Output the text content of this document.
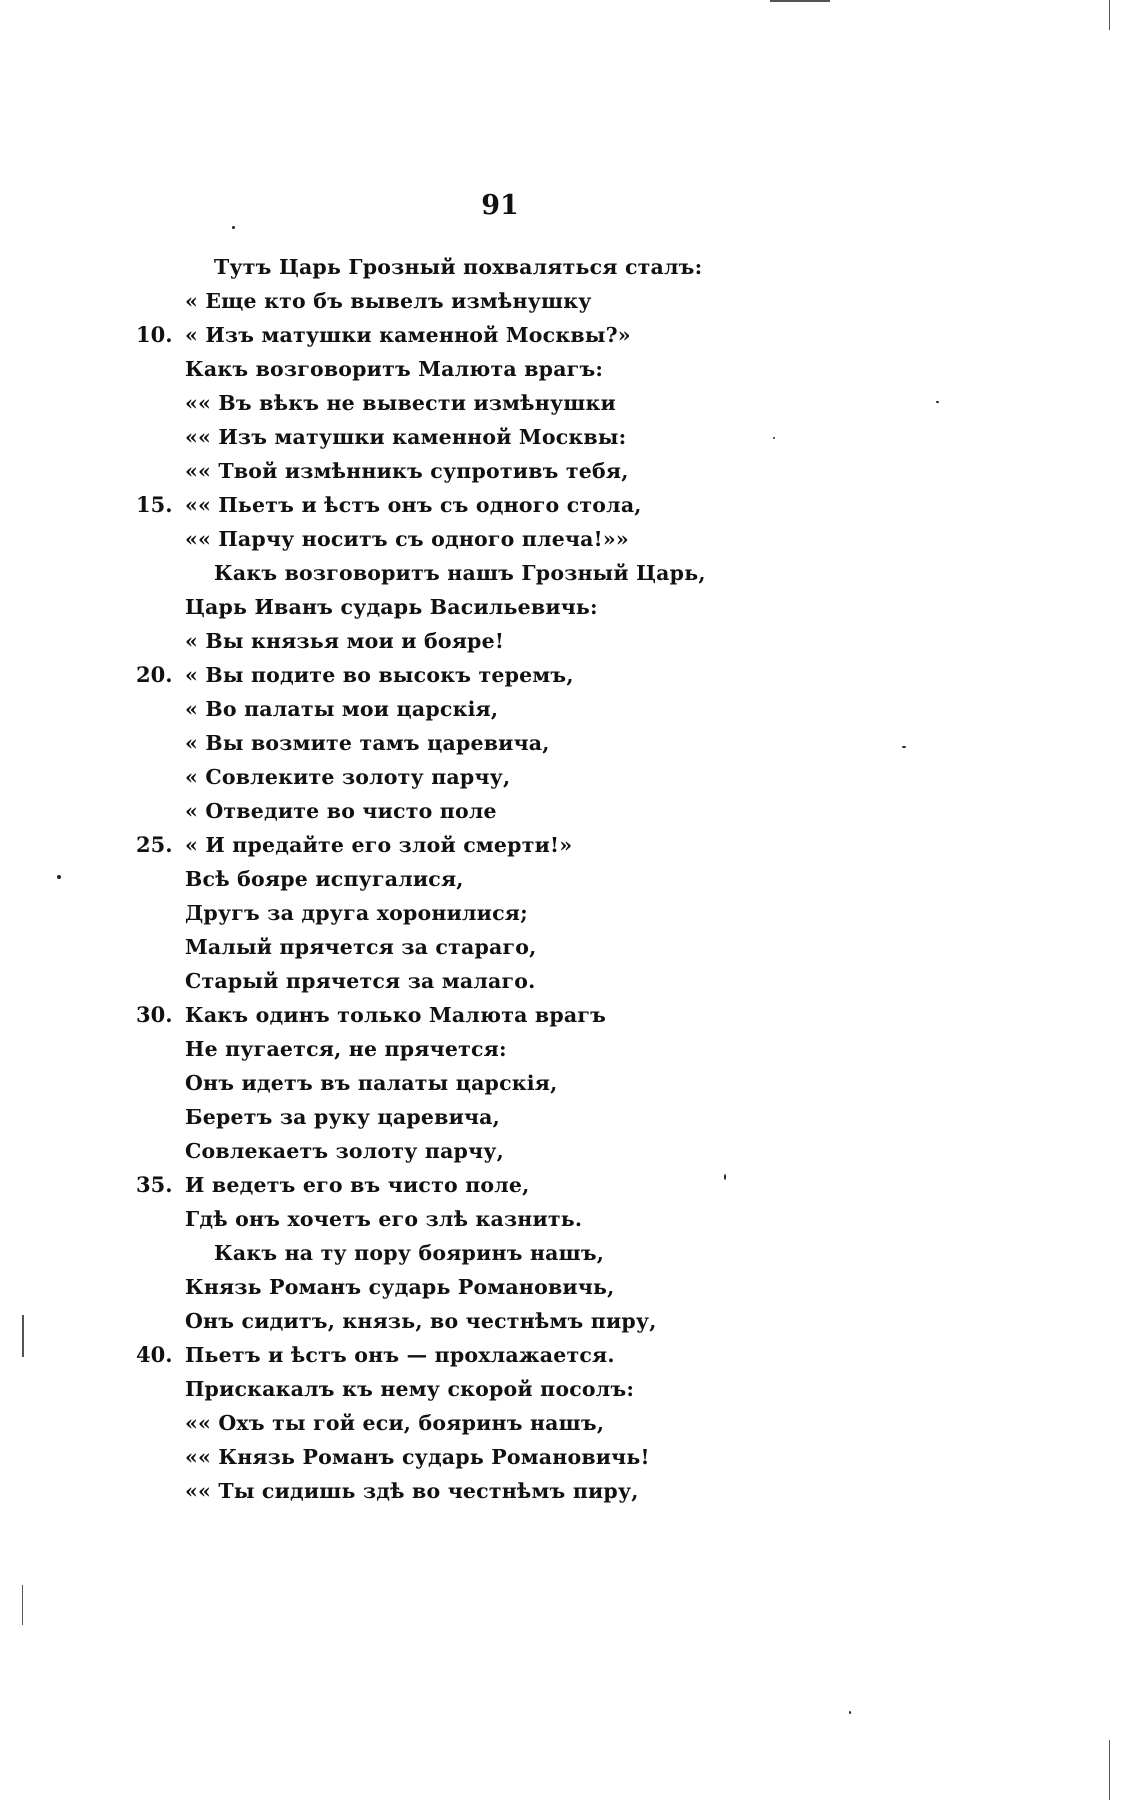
91
Тутъ Царь Грозный похваляться сталъ:
« Еще кто бъ вывелъ измѣнушку
10. « Изъ матушки каменной Москвы?»
Какъ возговоритъ Малюта врагъ:
«« Въ вѣкъ не вывести измѣнушки
«« Изъ матушки каменной Москвы:
«« Твой измѣнникъ супротивъ тебя,
15. «« Пьетъ и ѣстъ онъ съ одного стола,
«« Парчу носитъ съ одного плеча!»»
Какъ возговоритъ нашъ Грозный Царь,
Царь Иванъ сударь Васильевичь:
« Вы князья мои и бояре!
20. « Вы подите во высокъ теремъ,
« Во палаты мои царскія,
« Вы возмите тамъ царевича,
« Совлеките золоту парчу,
« Отведите во чисто поле
25. « И предайте его злой смерти!»
Всѣ бояре испугалися,
Другъ за друга хоронилися;
Малый прячется за стараго,
Старый прячется за малаго.
30. Какъ одинъ только Малюта врагъ
Не пугается, не прячется:
Онъ идетъ въ палаты царскія,
Беретъ за руку царевича,
Совлекаетъ золоту парчу,
35. И ведетъ его въ чисто поле,
Гдѣ онъ хочетъ его злѣ казнить.
Какъ на ту пору бояринъ нашъ,
Князь Романъ сударь Романовичь,
Онъ сидитъ, князь, во честнѣмъ пиру,
40. Пьетъ и ѣстъ онъ — прохлажается.
Прискакалъ къ нему скорой посолъ:
«« Охъ ты гой еси, бояринъ нашъ,
«« Князь Романъ сударь Романовичь!
«« Ты сидишь здѣ во честнѣмъ пиру,
